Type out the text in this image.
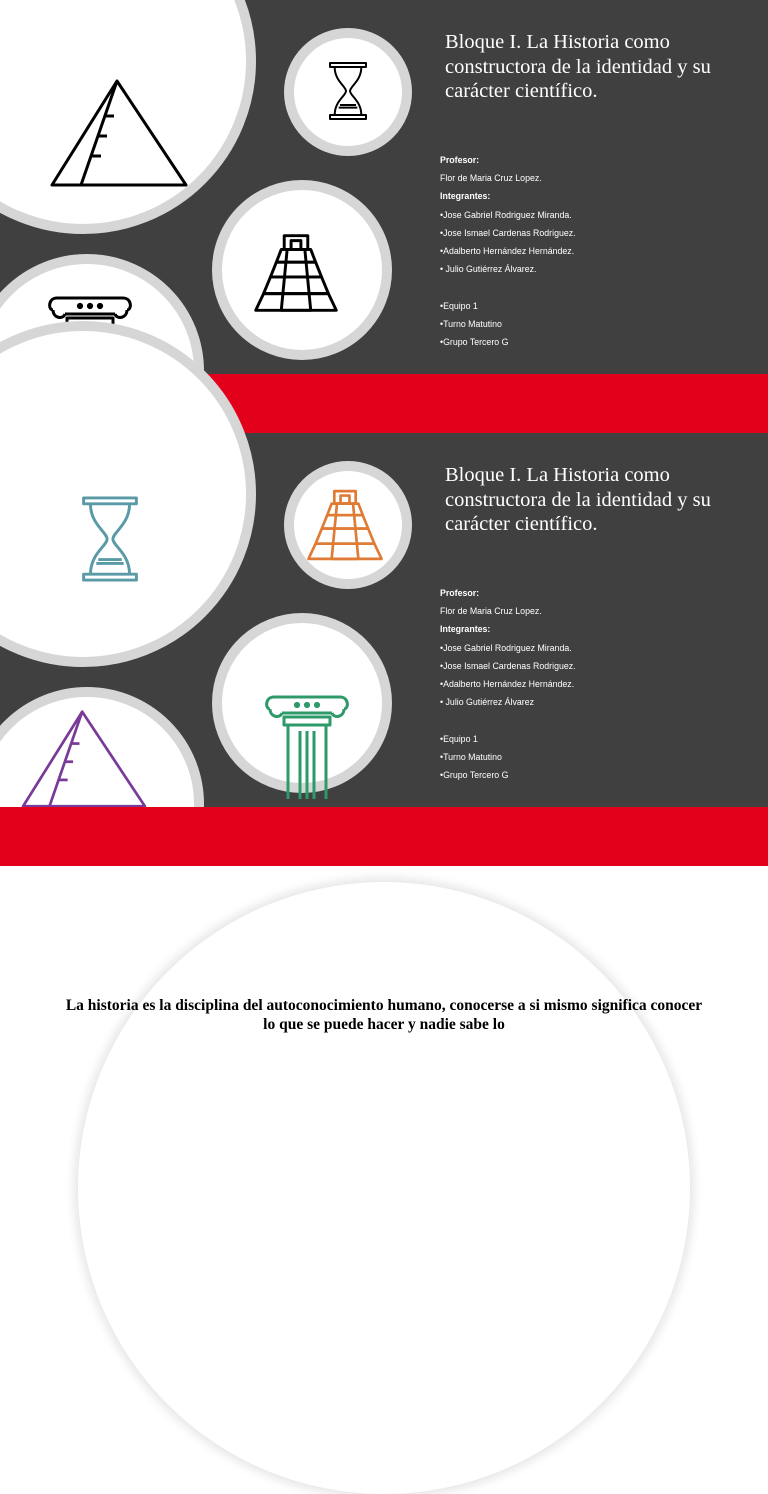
Bloque I. La Historia como constructora de la identidad y su carácter científico.
Profesor:
Flor de Maria Cruz Lopez.
Integrantes:
•Jose Gabriel Rodriguez Miranda.
•Jose Ismael Cardenas Rodriguez.
•Adalberto Hernández Hernández.
• Julio Gutiérrez Álvarez.
•Equipo 1
•Turno Matutino
•Grupo Tercero G
Bloque I. La Historia como constructora de la identidad y su carácter científico.
Profesor:
Flor de Maria Cruz Lopez.
Integrantes:
•Jose Gabriel Rodriguez Miranda.
•Jose Ismael Cardenas Rodriguez.
•Adalberto Hernández Hernández.
• Julio Gutiérrez Álvarez
•Equipo 1
•Turno Matutino
•Grupo Tercero G

La historia es la disciplina del autoconocimiento humano, conocerse a si mismo significa conocer lo que se puede hacer y nadie sabe lo
